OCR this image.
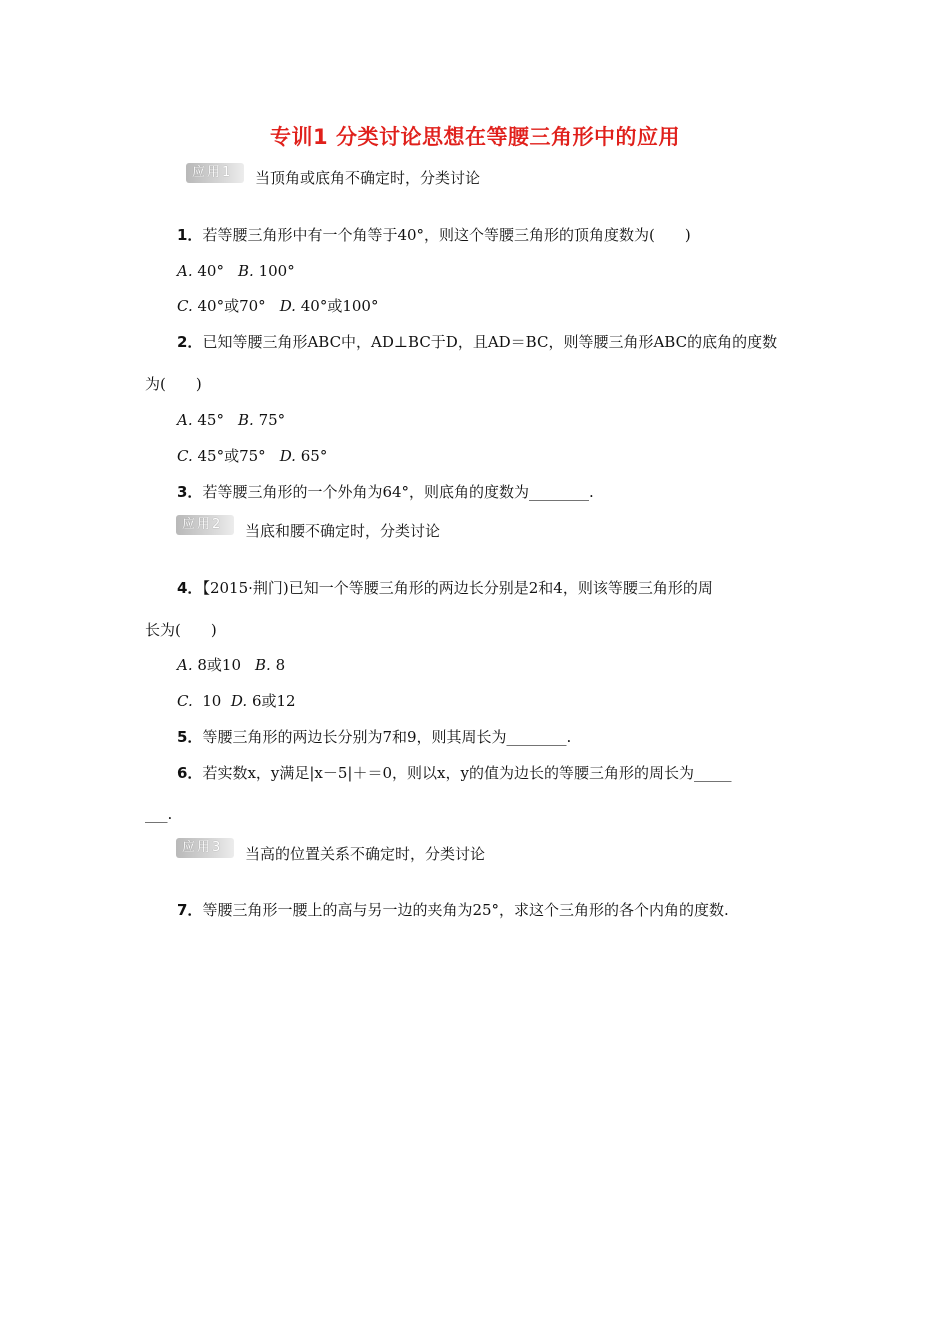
专训1 分类讨论思想在等腰三角形中的应用
应用1	当顶角或底角不确定时，分类讨论
1．若等腰三角形中有一个角等于40°，则这个等腰三角形的顶角度数为(　　)
A. 40° B. 100°
C. 40°或70° D. 40°或100°
2．已知等腰三角形ABC中，AD⊥BC于D，且AD＝BC，则等腰三角形ABC的底角的度数
为(　　)
A. 45° B. 75°
C. 45°或75° D. 65°
3．若等腰三角形的一个外角为64°，则底角的度数为________.
应用2	当底和腰不确定时，分类讨论
4．【2015·荆门)已知一个等腰三角形的两边长分别是2和4，则该等腰三角形的周
长为(　　)
A. 8或10 B. 8
C. 10 D. 6或12
5．等腰三角形的两边长分别为7和9，则其周长为________.
6．若实数x，y满足|x－5|＋＝0，则以x，y的值为边长的等腰三角形的周长为_____
___.
应用3	当高的位置关系不确定时，分类讨论
7．等腰三角形一腰上的高与另一边的夹角为25°，求这个三角形的各个内角的度数.
